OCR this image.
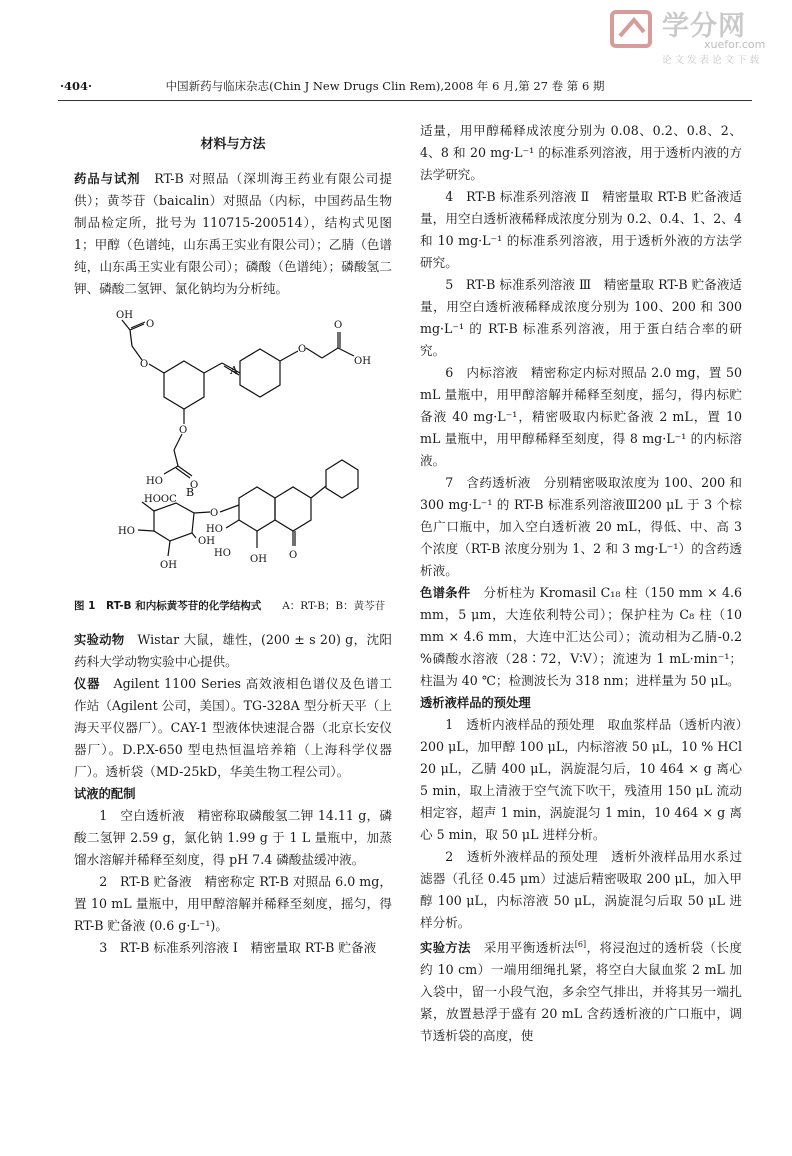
学分网
xuefor.com
论 文 发 表 论 文 下 载
·404·	中国新药与临床杂志(Chin J New Drugs Clin Rem),2008 年 6 月,第 27 卷 第 6 期

材料与方法

药品与试剂　 RT-B 对照品（深圳海王药业有限公司提供）；黄芩苷（baicalin）对照品（内标，中国药品生物制品检定所，批号为 110715-200514），结构式见图 1；甲醇（色谱纯，山东禹王实业有限公司）；乙腈（色谱纯，山东禹王实业有限公司）；磷酸（色谱纯）；磷酸氢二钾、磷酸二氢钾、氯化钠均为分析纯。

OH
O
O
O
O
OH
O
HO	O
A
B
HOOC
HO
OH
OH
O
HO
HO
OH O

图 1　 RT-B 和内标黄芩苷的化学结构式　　 A：RT-B；B：黄芩苷

实验动物　 Wistar 大鼠，雄性，(200 ± s 20) g，沈阳药科大学动物实验中心提供。

仪器　 Agilent 1100 Series 高效液相色谱仪及色谱工作站（Agilent 公司，美国）。TG-328A 型分析天平（上海天平仪器厂）。CAY-1 型液体快速混合器（北京长安仪器厂）。D.P.X-650 型电热恒温培养箱（上海科学仪器厂）。透析袋（MD-25kD，华美生物工程公司）。

试液的配制

1　 空白透析液　 精密称取磷酸氢二钾 14.11 g，磷酸二氢钾 2.59 g，氯化钠 1.99 g 于 1 L 量瓶中，加蒸馏水溶解并稀释至刻度，得 pH 7.4 磷酸盐缓冲液。

2　 RT-B 贮备液　 精密称定 RT-B 对照品 6.0 mg，置 10 mL 量瓶中，用甲醇溶解并稀释至刻度，摇匀，得 RT-B 贮备液 (0.6 g·L⁻¹)。

3　 RT-B 标准系列溶液 Ⅰ　 精密量取 RT-B 贮备液

适量，用甲醇稀释成浓度分别为 0.08、0.2、0.8、2、4、8 和 20 mg·L⁻¹ 的标准系列溶液，用于透析内液的方法学研究。

4　 RT-B 标准系列溶液 Ⅱ　 精密量取 RT-B 贮备液适量，用空白透析液稀释成浓度分别为 0.2、0.4、1、2、4 和 10 mg·L⁻¹ 的标准系列溶液，用于透析外液的方法学研究。

5　 RT-B 标准系列溶液 Ⅲ　 精密量取 RT-B 贮备液适量，用空白透析液稀释成浓度分别为 100、200 和 300 mg·L⁻¹ 的 RT-B 标准系列溶液，用于蛋白结合率的研究。

6　 内标溶液　 精密称定内标对照品 2.0 mg，置 50 mL 量瓶中，用甲醇溶解并稀释至刻度，摇匀，得内标贮备液 40 mg·L⁻¹，精密吸取内标贮备液 2 mL，置 10 mL 量瓶中，用甲醇稀释至刻度，得 8 mg·L⁻¹ 的内标溶液。

7　 含药透析液　 分别精密吸取浓度为 100、200 和 300 mg·L⁻¹ 的 RT-B 标准系列溶液Ⅲ200 μL 于 3 个棕色广口瓶中，加入空白透析液 20 mL，得低、中、高 3 个浓度（RT-B 浓度分别为 1、2 和 3 mg·L⁻¹）的含药透析液。

色谱条件　 分析柱为 Kromasil C₁₈ 柱（150 mm × 4.6 mm，5 μm，大连依利特公司）；保护柱为 C₈ 柱（10 mm × 4.6 mm，大连中汇达公司）；流动相为乙腈-0.2 %磷酸水溶液（28∶72，V∶V）；流速为 1 mL·min⁻¹；柱温为 40 ℃；检测波长为 318 nm；进样量为 50 μL。

透析液样品的预处理

1　 透析内液样品的预处理　 取血浆样品（透析内液）200 μL，加甲醇 100 μL，内标溶液 50 μL，10 % HCl 20 μL，乙腈 400 μL，涡旋混匀后，10 464 × g 离心 5 min，取上清液于空气流下吹干，残渣用 150 μL 流动相定容，超声 1 min，涡旋混匀 1 min，10 464 × g 离心 5 min，取 50 μL 进样分析。

2　 透析外液样品的预处理　 透析外液样品用水系过滤器（孔径 0.45 μm）过滤后精密吸取 200 μL，加入甲醇 100 μL，内标溶液 50 μL，涡旋混匀后取 50 μL 进样分析。

实验方法　 采用平衡透析法[6]，将浸泡过的透析袋（长度约 10 cm）一端用细绳扎紧，将空白大鼠血浆 2 mL 加入袋中，留一小段气泡，多余空气排出，并将其另一端扎紧，放置悬浮于盛有 20 mL 含药透析液的广口瓶中，调节透析袋的高度，使
